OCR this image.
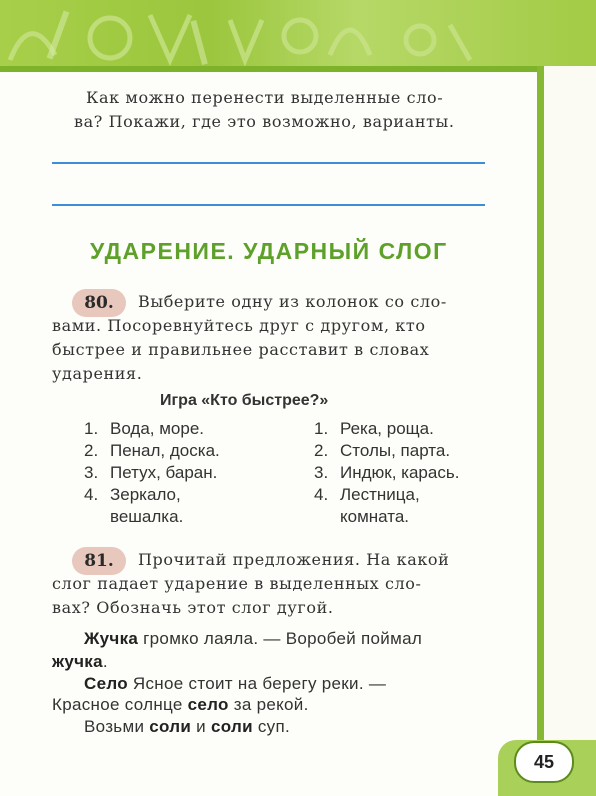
Как можно перенести выделенные сло-
ва? Покажи, где это возможно, варианты.
УДАРЕНИЕ. УДАРНЫЙ СЛОГ
80.	Выберите одну из колонок со сло-
вами. Посоревнуйтесь друг с другом, кто
быстрее и правильнее расставит в словах
ударения.
Игра «Кто быстрее?»
1. Вода, море.
2. Пенал, доска.
3. Петух, баран.
4. Зеркало,
вешалка.
1. Река, роща.
2. Столы, парта.
3. Индюк, карась.
4. Лестница,
комната.
81.	Прочитай предложения. На какой
слог падает ударение в выделенных сло-
вах? Обозначь этот слог дугой.
Жучка громко лаяла. — Воробей поймал
жучка.
Село Ясное стоит на берегу реки. —
Красное солнце село за рекой.
Возьми соли и соли суп.
45
